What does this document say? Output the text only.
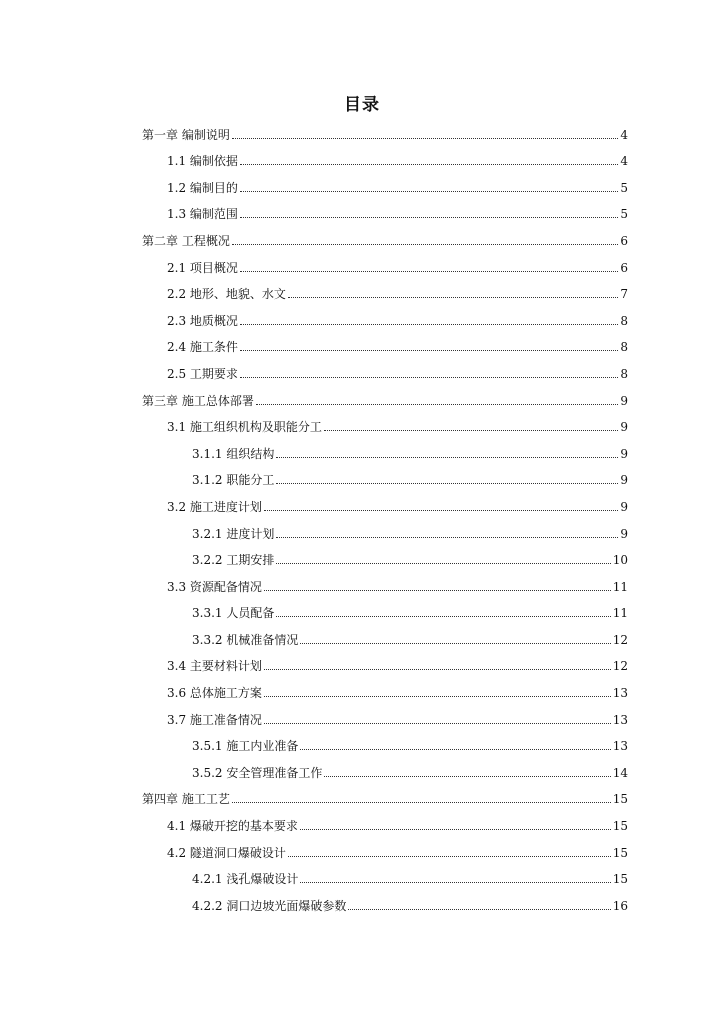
目录
第一章 编制说明	4
1.1 编制依据	4
1.2 编制目的	5
1.3 编制范围	5
第二章 工程概况	6
2.1 项目概况	6
2.2 地形、地貌、水文	7
2.3 地质概况	8
2.4 施工条件	8
2.5 工期要求	8
第三章 施工总体部署	9
3.1 施工组织机构及职能分工	9
3.1.1 组织结构	9
3.1.2 职能分工	9
3.2 施工进度计划	9
3.2.1 进度计划	9
3.2.2 工期安排	10
3.3 资源配备情况	11
3.3.1 人员配备	11
3.3.2 机械准备情况	12
3.4 主要材料计划	12
3.6 总体施工方案	13
3.7 施工准备情况	13
3.5.1 施工内业准备	13
3.5.2 安全管理准备工作	14
第四章 施工工艺	15
4.1 爆破开挖的基本要求	15
4.2 隧道洞口爆破设计	15
4.2.1 浅孔爆破设计	15
4.2.2 洞口边坡光面爆破参数	16
